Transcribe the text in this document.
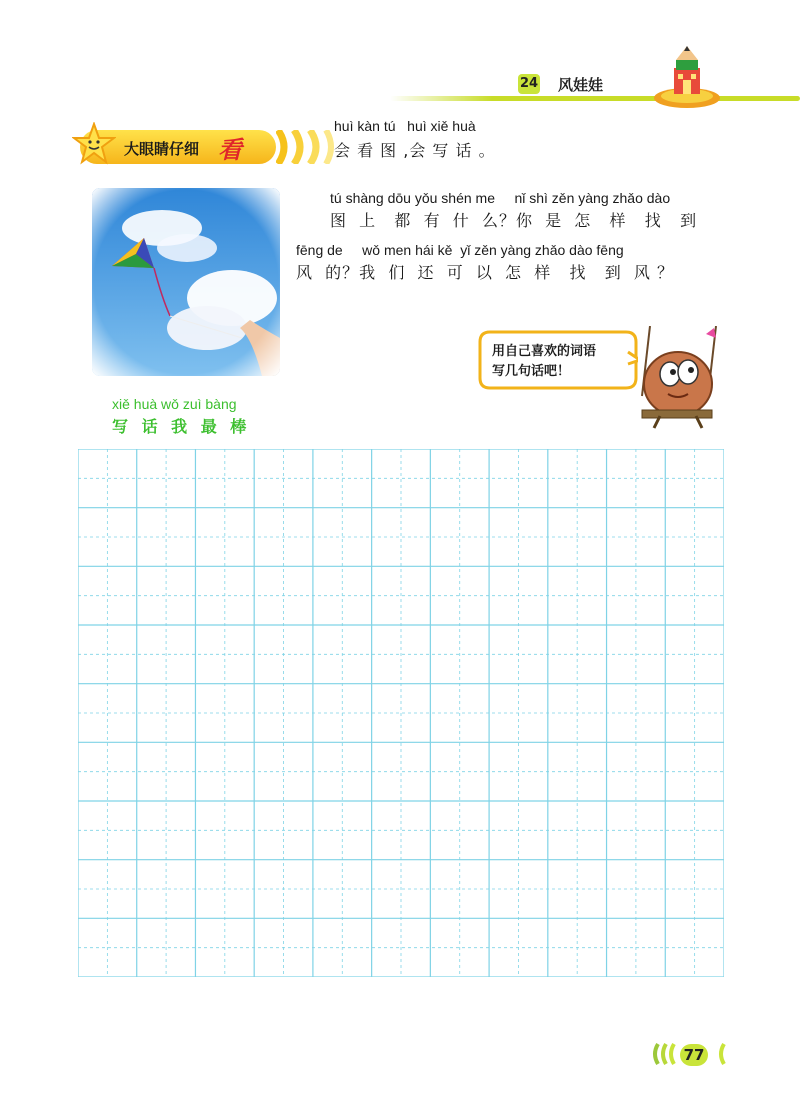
24 风娃娃
大眼睛仔细 看
huì kàn tú   huì xiě huà
会 看 图 ,会 写 话 。
tú shàng dōu yǒu shén me     nǐ shì zěn yàng zhǎo dào
图  上   都  有  什  么？你  是  怎   样   找   到
fēng de     wǒ men hái kě  yǐ zěn yàng zhǎo dào fēng
风  的？我  们  还  可  以  怎  样   找   到  风 ？
用自己喜欢的词语
写几句话吧！
xiě huà wǒ zuì bàng
写 话 我 最 棒
77
